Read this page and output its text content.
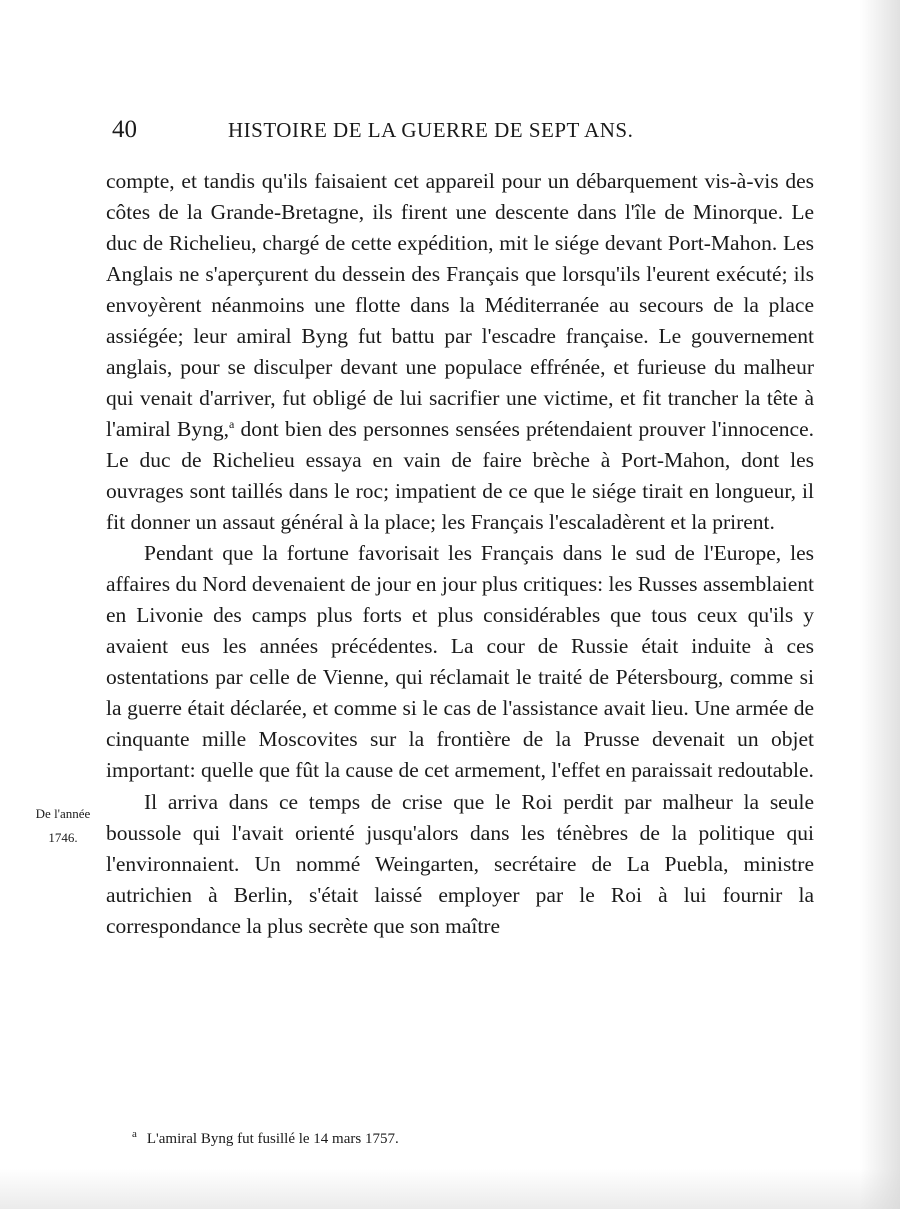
40	HISTOIRE DE LA GUERRE DE SEPT ANS.
De l'année
1746.

compte, et tandis qu'ils faisaient cet appareil pour un débarquement vis-à-vis des côtes de la Grande-Bretagne, ils firent une descente dans l'île de Minorque. Le duc de Richelieu, chargé de cette expédition, mit le siége devant Port-Mahon. Les Anglais ne s'aperçurent du dessein des Français que lorsqu'ils l'eurent exécuté; ils envoyèrent néanmoins une flotte dans la Méditerranée au secours de la place assiégée; leur amiral Byng fut battu par l'escadre française. Le gouvernement anglais, pour se disculper devant une populace effrénée, et furieuse du malheur qui venait d'arriver, fut obligé de lui sacrifier une victime, et fit trancher la tête à l'amiral Byng,$^a$ dont bien des personnes sensées prétendaient prouver l'innocence. Le duc de Richelieu essaya en vain de faire brèche à Port-Mahon, dont les ouvrages sont taillés dans le roc; impatient de ce que le siége tirait en longueur, il fit donner un assaut général à la place; les Français l'escaladèrent et la prirent.

Pendant que la fortune favorisait les Français dans le sud de l'Europe, les affaires du Nord devenaient de jour en jour plus critiques: les Russes assemblaient en Livonie des camps plus forts et plus considérables que tous ceux qu'ils y avaient eus les années précédentes. La cour de Russie était induite à ces ostentations par celle de Vienne, qui réclamait le traité de Pétersbourg, comme si la guerre était déclarée, et comme si le cas de l'assistance avait lieu. Une armée de cinquante mille Moscovites sur la frontière de la Prusse devenait un objet important: quelle que fût la cause de cet armement, l'effet en paraissait redoutable.

Il arriva dans ce temps de crise que le Roi perdit par malheur la seule boussole qui l'avait orienté jusqu'alors dans les ténèbres de la politique qui l'environnaient. Un nommé Weingarten, secrétaire de La Puebla, ministre autrichien à Berlin, s'était laissé employer par le Roi à lui fournir la correspondance la plus secrète que son maître

$^a$ L'amiral Byng fut fusillé le 14 mars 1757.
